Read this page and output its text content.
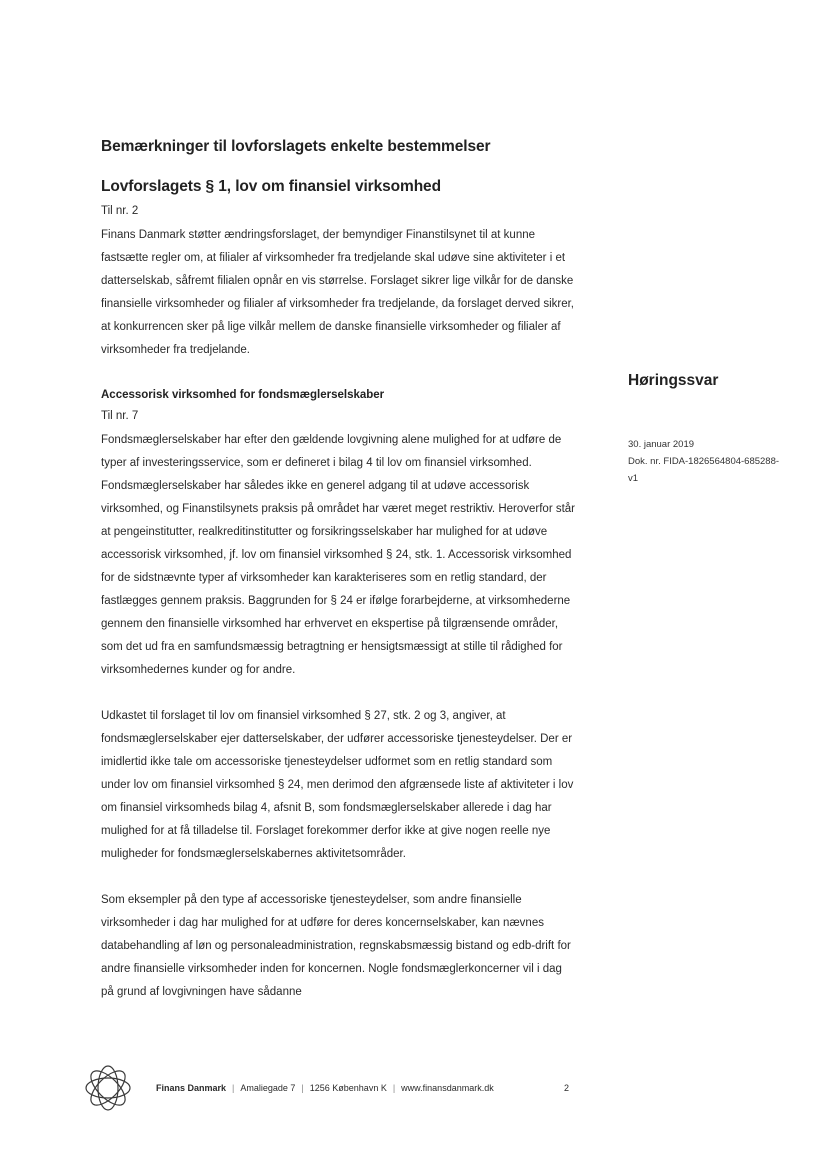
Bemærkninger til lovforslagets enkelte bestemmelser
Lovforslagets § 1, lov om finansiel virksomhed
Til nr. 2

Finans Danmark støtter ændringsforslaget, der bemyndiger Finanstilsynet til at kunne fastsætte regler om, at filialer af virksomheder fra tredjelande skal udøve sine aktiviteter i et datterselskab, såfremt filialen opnår en vis størrelse. Forslaget sikrer lige vilkår for de danske finansielle virksomheder og filialer af virksomheder fra tredjelande, da forslaget derved sikrer, at konkurrencen sker på lige vilkår mellem de danske finansielle virksomheder og filialer af virksomheder fra tredjelande.

Accessorisk virksomhed for fondsmæglerselskaber
Til nr. 7

Fondsmæglerselskaber har efter den gældende lovgivning alene mulighed for at udføre de typer af investeringsservice, som er defineret i bilag 4 til lov om finansiel virksomhed. Fondsmæglerselskaber har således ikke en generel adgang til at udøve accessorisk virksomhed, og Finanstilsynets praksis på området har været meget restriktiv. Heroverfor står at pengeinstitutter, realkreditinstitutter og forsikringsselskaber har mulighed for at udøve accessorisk virksomhed, jf. lov om finansiel virksomhed § 24, stk. 1. Accessorisk virksomhed for de sidstnævnte typer af virksomheder kan karakteriseres som en retlig standard, der fastlægges gennem praksis. Baggrunden for § 24 er ifølge forarbejderne, at virksomhederne gennem den finansielle virksomhed har erhvervet en ekspertise på tilgrænsende områder, som det ud fra en samfundsmæssig betragtning er hensigtsmæssigt at stille til rådighed for virksomhedernes kunder og for andre.

Udkastet til forslaget til lov om finansiel virksomhed § 27, stk. 2 og 3, angiver, at fondsmæglerselskaber ejer datterselskaber, der udfører accessoriske tjenesteydelser. Der er imidlertid ikke tale om accessoriske tjenesteydelser udformet som en retlig standard som under lov om finansiel virksomhed § 24, men derimod den afgrænsede liste af aktiviteter i lov om finansiel virksomheds bilag 4, afsnit B, som fondsmæglerselskaber allerede i dag har mulighed for at få tilladelse til. Forslaget forekommer derfor ikke at give nogen reelle nye muligheder for fondsmæglerselskabernes aktivitetsområder.

Som eksempler på den type af accessoriske tjenesteydelser, som andre finansielle virksomheder i dag har mulighed for at udføre for deres koncernselskaber, kan nævnes databehandling af løn og personaleadministration, regnskabsmæssig bistand og edb-drift for andre finansielle virksomheder inden for koncernen. Nogle fondsmæglerkoncerner vil i dag på grund af lovgivningen have sådanne

Høringssvar

30. januar 2019

Dok. nr. FIDA-1826564804-685288-

v1

Finans Danmark | Amaliegade 7 | 1256 København K | www.finansdanmark.dk	2
